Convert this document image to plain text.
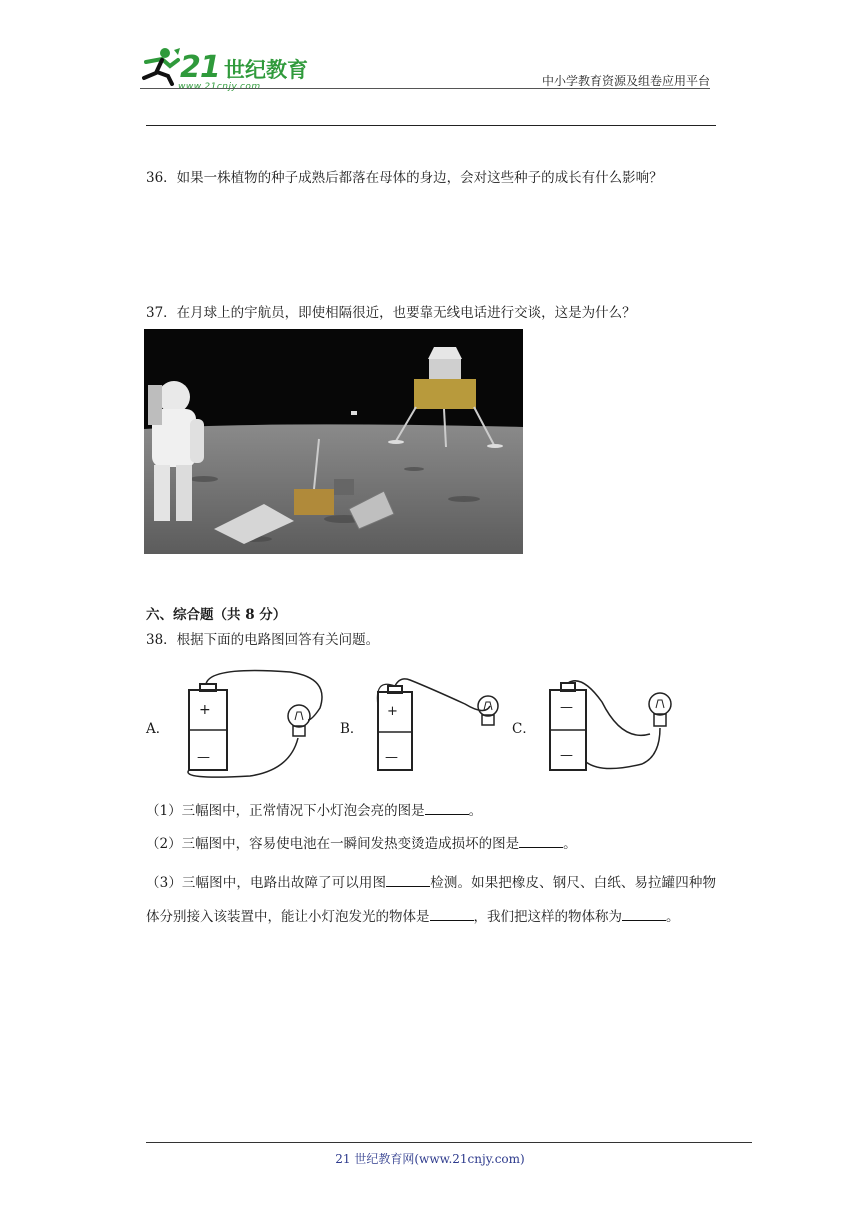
21 世纪教育
www.21cnjy.com	中小学教育资源及组卷应用平台
36．如果一株植物的种子成熟后都落在母体的身边，会对这些种子的成长有什么影响？
37．在月球上的宇航员，即使相隔很近，也要靠无线电话进行交谈，这是为什么？
六、综合题（共 8 分）
38．根据下面的电路图回答有关问题。
A．	B．	C．
+
—
+
—
—
—
（1）三幅图中，正常情况下小灯泡会亮的图是	。
（2）三幅图中，容易使电池在一瞬间发热变烫造成损坏的图是	。
（3）三幅图中，电路出故障了可以用图	检测。如果把橡皮、钢尺、白纸、易拉罐四种物体分别接入该装置中，能让小灯泡发光的物体是	，我们把这样的物体称为	。
21 世纪教育网(www.21cnjy.com)
